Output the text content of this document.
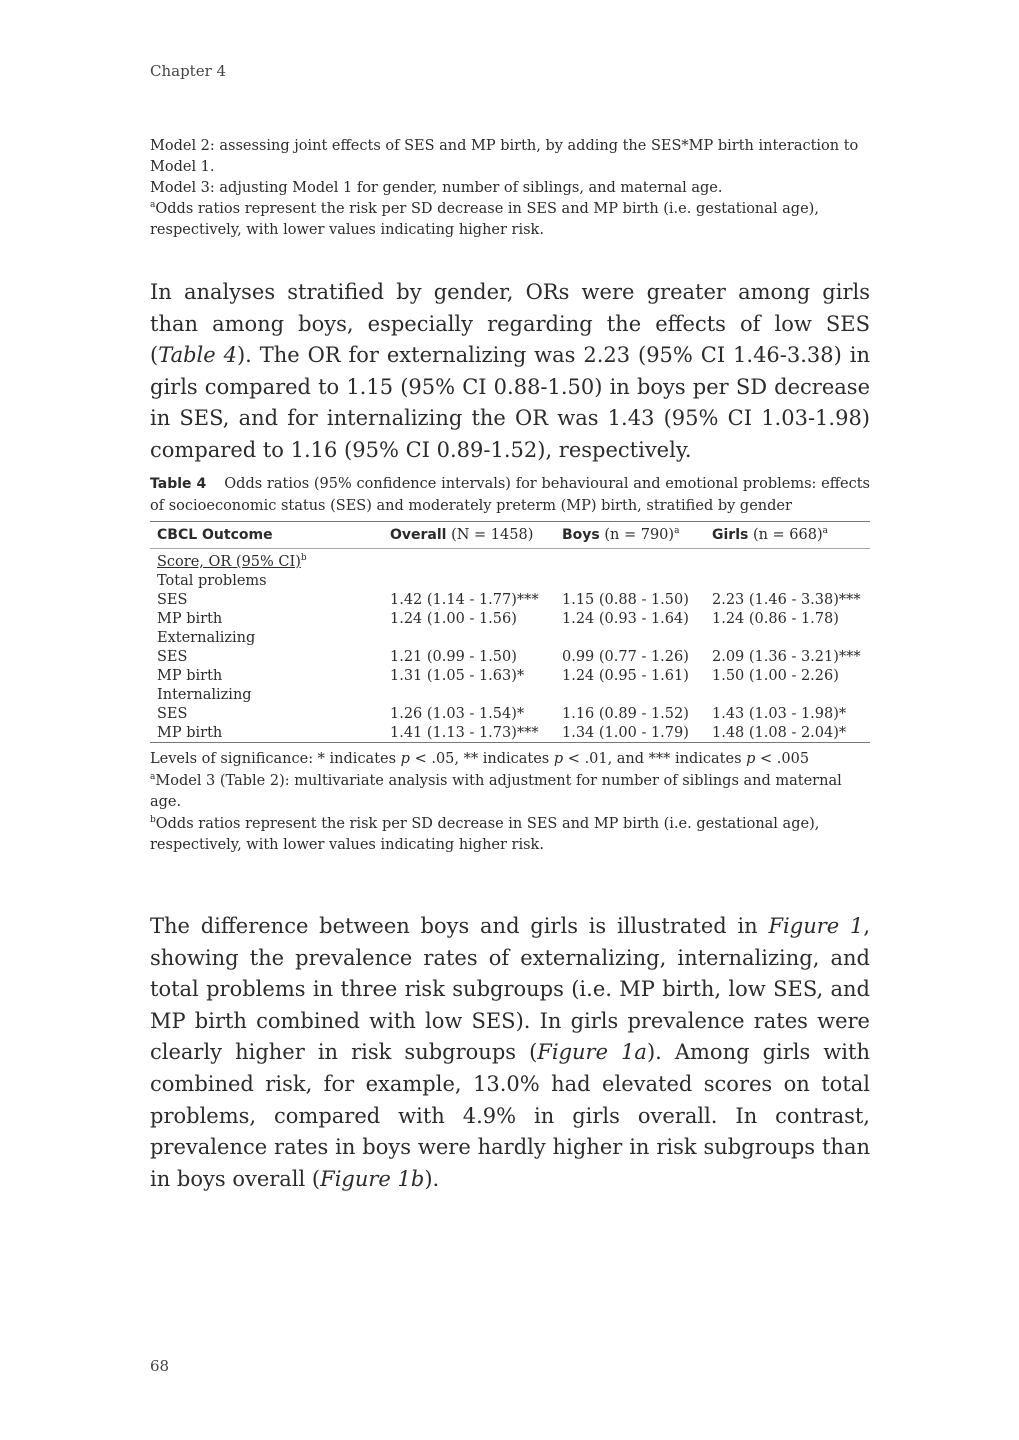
Chapter 4

Model 2: assessing joint effects of SES and MP birth, by adding the SES*MP birth interaction to Model 1.

Model 3: adjusting Model 1 for gender, number of siblings, and maternal age.

$^a$Odds ratios represent the risk per SD decrease in SES and MP birth (i.e. gestational age), respectively, with lower values indicating higher risk.

In analyses stratified by gender, ORs were greater among girls than among boys, especially regarding the effects of low SES (Table 4). The OR for externalizing was 2.23 (95% CI 1.46-3.38) in girls compared to 1.15 (95% CI 0.88-1.50) in boys per SD decrease in SES, and for internalizing the OR was 1.43 (95% CI 1.03-1.98) compared to 1.16 (95% CI 0.89-1.52), respectively.

Table 4 Odds ratios (95% confidence intervals) for behavioural and emotional problems: effects of socioeconomic status (SES) and moderately preterm (MP) birth, stratified by gender
CBCL Outcome	Overall (N = 1458)	Boys (n = 790)$^a$	Girls (n = 668)$^a$
Score, OR (95% CI)$^b$			
Total problems			
SES	1.42 (1.14 - 1.77)***	1.15 (0.88 - 1.50)	2.23 (1.46 - 3.38)***
MP birth	1.24 (1.00 - 1.56)	1.24 (0.93 - 1.64)	1.24 (0.86 - 1.78)
Externalizing			
SES	1.21 (0.99 - 1.50)	0.99 (0.77 - 1.26)	2.09 (1.36 - 3.21)***
MP birth	1.31 (1.05 - 1.63)*	1.24 (0.95 - 1.61)	1.50 (1.00 - 2.26)
Internalizing			
SES	1.26 (1.03 - 1.54)*	1.16 (0.89 - 1.52)	1.43 (1.03 - 1.98)*
MP birth	1.41 (1.13 - 1.73)***	1.34 (1.00 - 1.79)	1.48 (1.08 - 2.04)*

Levels of significance: * indicates p < .05, ** indicates p < .01, and *** indicates p < .005

$^a$Model 3 (Table 2): multivariate analysis with adjustment for number of siblings and maternal age.

$^b$Odds ratios represent the risk per SD decrease in SES and MP birth (i.e. gestational age), respectively, with lower values indicating higher risk.

The difference between boys and girls is illustrated in Figure 1, showing the prevalence rates of externalizing, internalizing, and total problems in three risk subgroups (i.e. MP birth, low SES, and MP birth combined with low SES). In girls prevalence rates were clearly higher in risk subgroups (Figure 1a). Among girls with combined risk, for example, 13.0% had elevated scores on total problems, compared with 4.9% in girls overall. In contrast, prevalence rates in boys were hardly higher in risk subgroups than in boys overall (Figure 1b).

68
